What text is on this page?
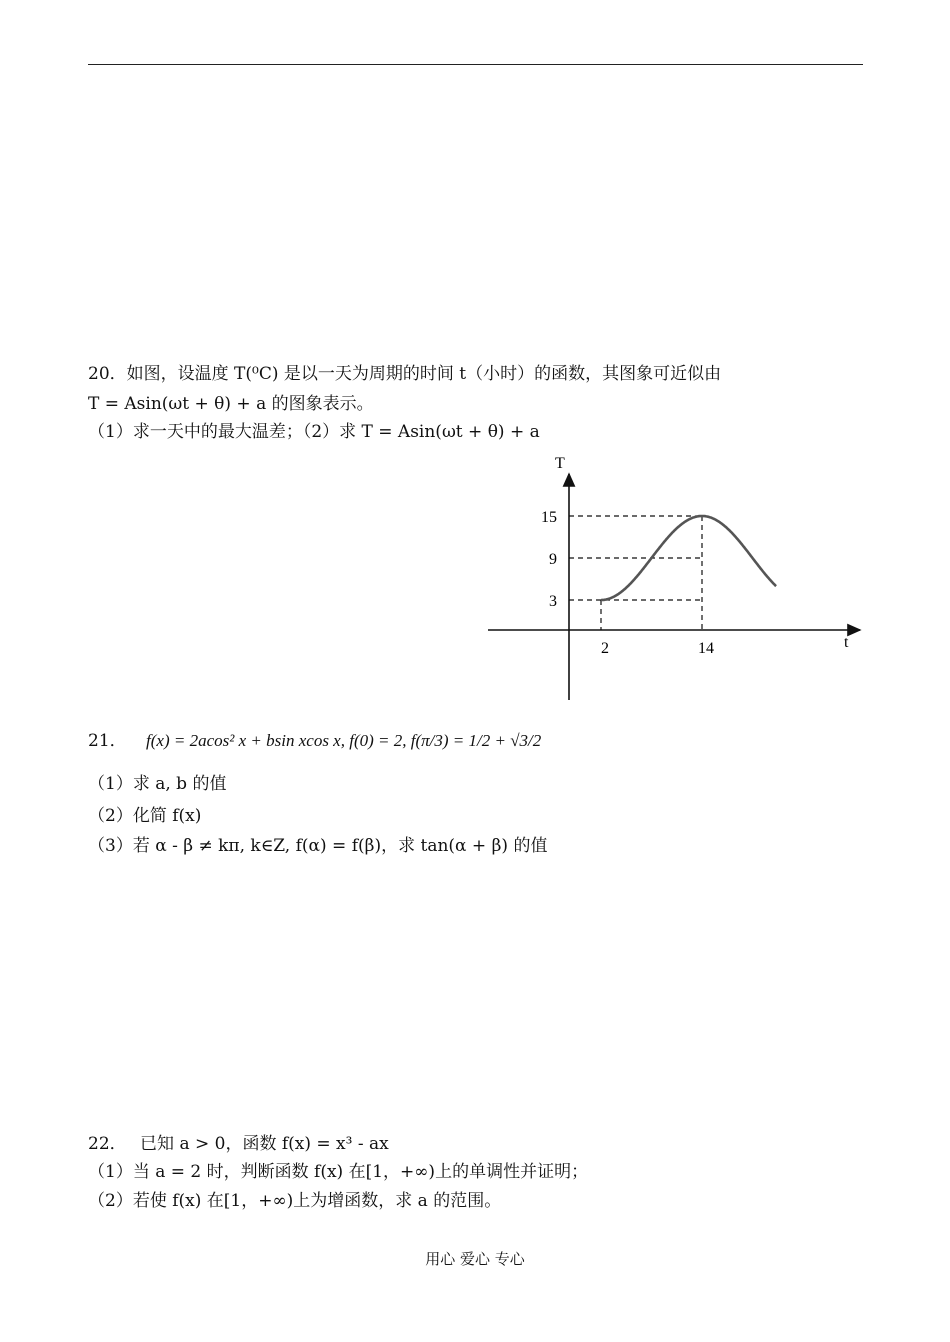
20．如图，设温度 T(⁰C) 是以一天为周期的时间 t（小时）的函数，其图象可近似由
T = Asin(ωt + θ) + a 的图象表示。
（1）求一天中的最大温差；（2）求 T = Asin(ωt + θ) + a
T
t
15
9
3
2	14
21． f(x) = 2acos² x + bsin xcos x, f(0) = 2, f(π/3) = 1/2 + √3/2
（1）求 a, b 的值
（2）化简 f(x)
（3）若 α - β ≠ kπ, k∈Z, f(α) = f(β)，求 tan(α + β) 的值
22． 已知 a > 0，函数 f(x) = x³ - ax
（1）当 a = 2 时，判断函数 f(x) 在[1，+∞)上的单调性并证明；
（2）若使 f(x) 在[1，+∞)上为增函数，求 a 的范围。
用心 爱心 专心
